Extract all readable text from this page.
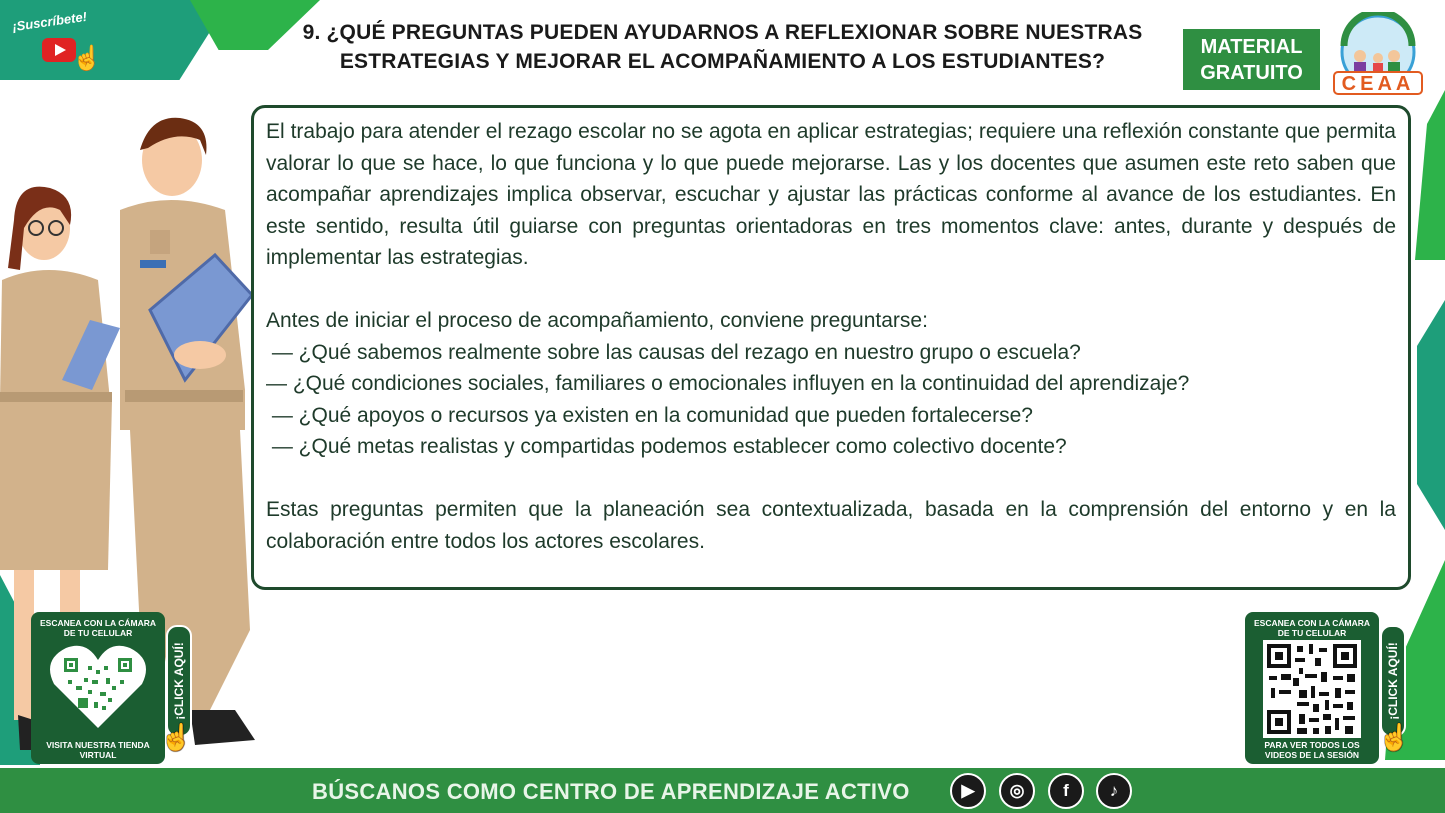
¡Suscríbete!
☝
9. ¿QUÉ PREGUNTAS PUEDEN AYUDARNOS A REFLEXIONAR SOBRE NUESTRAS ESTRATEGIAS Y MEJORAR EL ACOMPAÑAMIENTO A LOS ESTUDIANTES?
MATERIAL
GRATUITO
CEAA

El trabajo para atender el rezago escolar no se agota en aplicar estrategias; requiere una reflexión constante que permita valorar lo que se hace, lo que funciona y lo que puede mejorarse. Las y los docentes que asumen este reto saben que acompañar aprendizajes implica observar, escuchar y ajustar las prácticas conforme al avance de los estudiantes. En este sentido, resulta útil guiarse con preguntas orientadoras en tres momentos clave: antes, durante y después de implementar las estrategias.

Antes de iniciar el proceso de acompañamiento, conviene preguntarse:
— ¿Qué sabemos realmente sobre las causas del rezago en nuestro grupo o escuela?
— ¿Qué condiciones sociales, familiares o emocionales influyen en la continuidad del aprendizaje?
— ¿Qué apoyos o recursos ya existen en la comunidad que pueden fortalecerse?
— ¿Qué metas realistas y compartidas podemos establecer como colectivo docente?

Estas preguntas permiten que la planeación sea contextualizada, basada en la comprensión del entorno y en la colaboración entre todos los actores escolares.

ESCANEA CON LA CÁMARA DE TU CELULAR
VISITA NUESTRA TIENDA VIRTUAL
¡CLICK AQUÍ!
☝
ESCANEA CON LA CÁMARA DE TU CELULAR
PARA VER TODOS LOS VIDEOS DE LA SESIÓN
¡CLICK AQUÍ!
☝
BÚSCANOS COMO CENTRO DE APRENDIZAJE ACTIVO	▶	◎	f	♪
